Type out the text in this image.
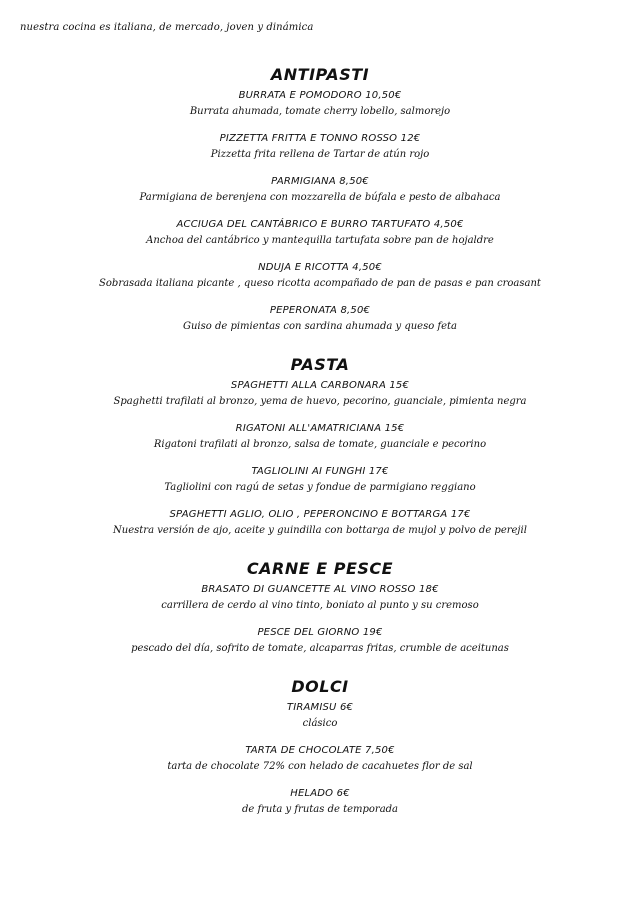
nuestra cocina es italiana, de mercado, joven y dinámica
ANTIPASTI
BURRATA E POMODORO 10,50€
Burrata ahumada, tomate cherry lobello, salmorejo
PIZZETTA FRITTA E TONNO ROSSO 12€
Pizzetta frita rellena de Tartar de atún rojo
PARMIGIANA 8,50€
Parmigiana de berenjena con mozzarella de búfala e pesto de albahaca
ACCIUGA DEL CANTÁBRICO E BURRO TARTUFATO 4,50€
Anchoa del cantábrico y mantequilla tartufata sobre pan de hojaldre
NDUJA E RICOTTA 4,50€
Sobrasada italiana picante , queso ricotta acompañado de pan de pasas e pan croasant
PEPERONATA 8,50€
Guiso de pimientas con sardina ahumada y queso feta
PASTA
SPAGHETTI ALLA CARBONARA 15€
Spaghetti trafilati al bronzo, yema de huevo, pecorino, guanciale, pimienta negra
RIGATONI ALL'AMATRICIANA 15€
Rigatoni trafilati al bronzo, salsa de tomate, guanciale e pecorino
TAGLIOLINI AI FUNGHI 17€
Tagliolini con ragú de setas y fondue de parmigiano reggiano
SPAGHETTI AGLIO, OLIO , PEPERONCINO E BOTTARGA 17€
Nuestra versión de ajo, aceite y guindilla con bottarga de mujol y polvo de perejil
CARNE E PESCE
BRASATO DI GUANCETTE AL VINO ROSSO 18€
carrillera de cerdo al vino tinto, boniato al punto y su cremoso
PESCE DEL GIORNO 19€
pescado del día, sofrito de tomate, alcaparras fritas, crumble de aceitunas
DOLCI
TIRAMISU 6€
clásico
TARTA DE CHOCOLATE 7,50€
tarta de chocolate 72% con helado de cacahuetes flor de sal
HELADO 6€
de fruta y frutas de temporada
